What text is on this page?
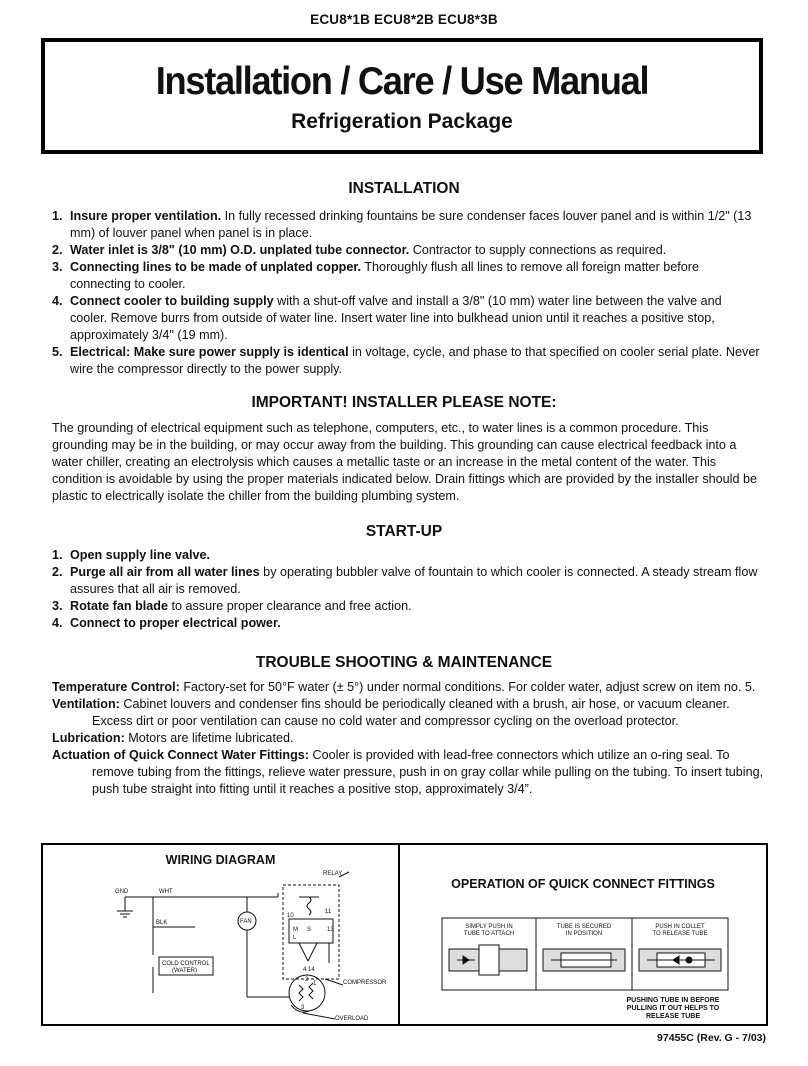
ECU8*1B ECU8*2B ECU8*3B
Installation / Care / Use Manual
Refrigeration Package
INSTALLATION

1. Insure proper ventilation. In fully recessed drinking fountains be sure condenser faces louver panel and is within 1/2" (13 mm) of louver panel when panel is in place.

2. Water inlet is 3/8" (10 mm) O.D. unplated tube connector. Contractor to supply connections as required.

3. Connecting lines to be made of unplated copper. Thoroughly flush all lines to remove all foreign matter before connecting to cooler.

4. Connect cooler to building supply with a shut-off valve and install a 3/8" (10 mm) water line between the valve and cooler. Remove burrs from outside of water line. Insert water line into bulkhead union until it reaches a positive stop, approximately 3/4" (19 mm).

5. Electrical: Make sure power supply is identical in voltage, cycle, and phase to that specified on cooler serial plate. Never wire the compressor directly to the power supply.

IMPORTANT! INSTALLER PLEASE NOTE:

The grounding of electrical equipment such as telephone, computers, etc., to water lines is a common procedure. This grounding may be in the building, or may occur away from the building. This grounding can cause electrical feedback into a water chiller, creating an electrolysis which causes a metallic taste or an increase in the metal content of the water. This condition is avoidable by using the proper materials indicated below. Drain fittings which are provided by the installer should be plastic to electrically isolate the chiller from the building plumbing system.

START-UP

1. Open supply line valve.

2. Purge all air from all water lines by operating bubbler valve of fountain to which cooler is connected. A steady stream flow assures that all air is removed.

3. Rotate fan blade to assure proper clearance and free action.

4. Connect to proper electrical power.

TROUBLE SHOOTING & MAINTENANCE

Temperature Control: Factory-set for 50°F water (± 5°) under normal conditions. For colder water, adjust screw on item no. 5.

Ventilation: Cabinet louvers and condenser fins should be periodically cleaned with a brush, air hose, or vacuum cleaner. Excess dirt or poor ventilation can cause no cold water and compressor cycling on the overload protector.

Lubrication: Motors are lifetime lubricated.

Actuation of Quick Connect Water Fittings: Cooler is provided with lead-free connectors which utilize an o-ring seal. To remove tubing from the fittings, relieve water pressure, push in on gray collar while pulling on the tubing. To insert tubing, push tube straight into fitting until it reaches a positive stop, approximately 3/4”.

WIRING DIAGRAM
OPERATION OF QUICK CONNECT FITTINGS
GND	WHT
BLK	FAN
RELAY
COLD CONTROL
(WATER)
10
11
13
M S
L
4 14
COMPRESSOR
1
2
3
OVERLOAD
SIMPLY PUSH IN
TUBE TO ATTACH
TUBE IS SECURED
IN POSITION
PUSH IN COLLET
TO RELEASE TUBE
PUSHING TUBE IN BEFORE
PULLING IT OUT HELPS TO
RELEASE TUBE
97455C (Rev. G - 7/03)
